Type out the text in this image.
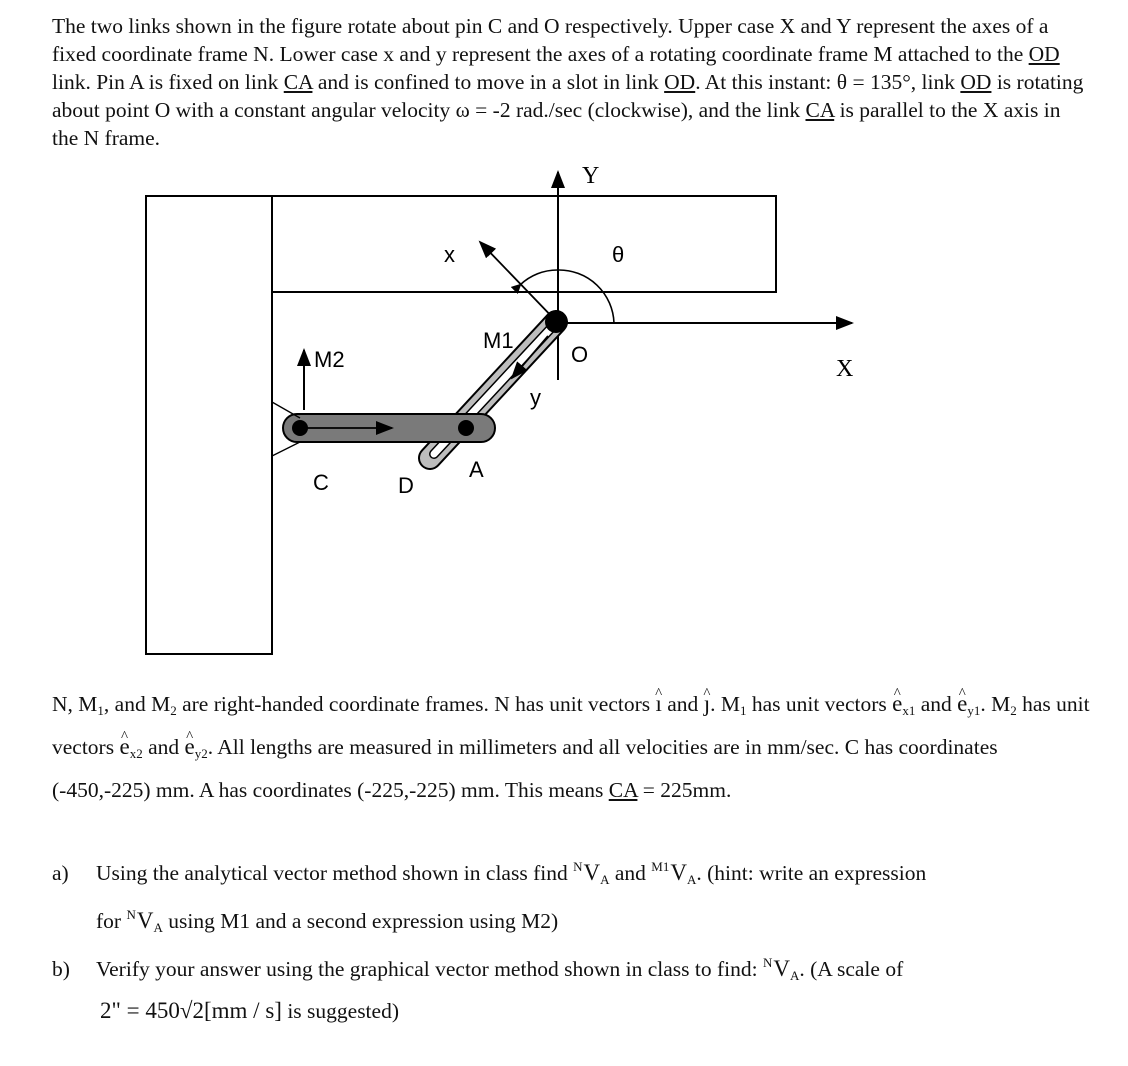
The two links shown in the figure rotate about pin C and O respectively. Upper case X and Y represent the axes of a fixed coordinate frame N. Lower case x and y represent the axes of a rotating coordinate frame M attached to the OD link. Pin A is fixed on link CA and is confined to move in a slot in link OD. At this instant: θ = 135°, link OD is rotating about point O with a constant angular velocity ω = -2 rad./sec (clockwise), and the link CA is parallel to the X axis in the N frame.

Y
X
θ
x
M2
y
M1
O
A
C	D

N, $M_1$, and $M_2$ are right-handed coordinate frames. N has unit vectors ^ ı and ^ ȷ. $M_1$ has unit vectors ^ $e_{x1}$ and ^ $e_{y1}$. $M_2$ has unit vectors ^ $e_{x2}$ and ^ $e_{y2}$. All lengths are measured in millimeters and all velocities are in mm/sec. C has coordinates (-450,-225) mm. A has coordinates (-225,-225) mm. This means CA = 225mm.

a) Using the analytical vector method shown in class find $^NV_A$ and $^{M1}V_A$. (hint: write an expression
for $^NV_A$ using M1 and a second expression using M2)
b) Verify your answer using the graphical vector method shown in class to find: $^NV_A$. (A scale of
2" = 450√2[mm / s] is suggested)
